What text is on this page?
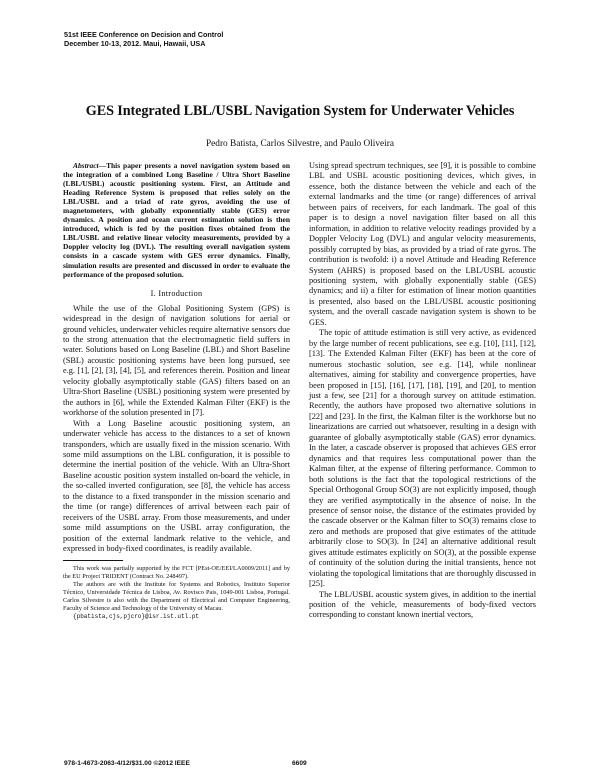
51st IEEE Conference on Decision and Control
December 10-13, 2012. Maui, Hawaii, USA
GES Integrated LBL/USBL Navigation System for Underwater Vehicles
Pedro Batista, Carlos Silvestre, and Paulo Oliveira

Abstract—This paper presents a novel navigation system based on the integration of a combined Long Baseline / Ultra Short Baseline (LBL/USBL) acoustic positioning system. First, an Attitude and Heading Reference System is proposed that relies solely on the LBL/USBL and a triad of rate gyros, avoiding the use of magnetometers, with globally exponentially stable (GES) error dynamics. A position and ocean current estimation solution is then introduced, which is fed by the position fixes obtained from the LBL/USBL and relative linear velocity measurements, provided by a Doppler velocity log (DVL). The resulting overall navigation system consists in a cascade system with GES error dynamics. Finally, simulation results are presented and discussed in order to evaluate the performance of the proposed solution.

I. Introduction

While the use of the Global Positioning System (GPS) is widespread in the design of navigation solutions for aerial or ground vehicles, underwater vehicles require alternative sensors due to the strong attenuation that the electromagnetic field suffers in water. Solutions based on Long Baseline (LBL) and Short Baseline (SBL) acoustic positioning systems have been long pursued, see e.g. [1], [2], [3], [4], [5], and references therein. Position and linear velocity globally asymptotically stable (GAS) filters based on an Ultra-Short Baseline (USBL) positioning system were presented by the authors in [6], while the Extended Kalman Filter (EKF) is the workhorse of the solution presented in [7].

With a Long Baseline acoustic positioning system, an underwater vehicle has access to the distances to a set of known transponders, which are usually fixed in the mission scenario. With some mild assumptions on the LBL configuration, it is possible to determine the inertial position of the vehicle. With an Ultra-Short Baseline acoustic position system installed on-board the vehicle, in the so-called inverted configuration, see [8], the vehicle has access to the distance to a fixed transponder in the mission scenario and the time (or range) differences of arrival between each pair of receivers of the USBL array. From those measurements, and under some mild assumptions on the USBL array configuration, the position of the external landmark relative to the vehicle, and expressed in body-fixed coordinates, is readily available.

This work was partially supported by the FCT [PEst-OE/EEI/LA0009/2011] and by the EU Project TRIDENT (Contract No. 248497).

The authors are with the Institute for Systems and Robotics, Instituto Superior Técnico, Universidade Técnica de Lisboa, Av. Rovisco Pais, 1049-001 Lisboa, Portugal. Carlos Silvestre is also with the Department of Electrical and Computer Engineering, Faculty of Science and Technology of the University of Macau.

{pbatista,cjs,pjcro}@isr.ist.utl.pt

Using spread spectrum techniques, see [9], it is possible to combine LBL and USBL acoustic positioning devices, which gives, in essence, both the distance between the vehicle and each of the external landmarks and the time (or range) differences of arrival between pairs of receivers, for each landmark. The goal of this paper is to design a novel navigation filter based on all this information, in addition to relative velocity readings provided by a Doppler Velocity Log (DVL) and angular velocity measurements, possibly corrupted by bias, as provided by a triad of rate gyros. The contribution is twofold: i) a novel Attitude and Heading Reference System (AHRS) is proposed based on the LBL/USBL acoustic positioning system, with globally exponentially stable (GES) dynamics; and ii) a filter for estimation of linear motion quantities is presented, also based on the LBL/USBL acoustic positioning system, and the overall cascade navigation system is shown to be GES.

The topic of attitude estimation is still very active, as evidenced by the large number of recent publications, see e.g. [10], [11], [12], [13]. The Extended Kalman Filter (EKF) has been at the core of numerous stochastic solution, see e.g. [14], while nonlinear alternatives, aiming for stability and convergence properties, have been proposed in [15], [16], [17], [18], [19], and [20], to mention just a few, see [21] for a thorough survey on attitude estimation. Recently, the authors have proposed two alternative solutions in [22] and [23]. In the first, the Kalman filter is the workhorse but no linearizations are carried out whatsoever, resulting in a design with guarantee of globally asymptotically stable (GAS) error dynamics. In the later, a cascade observer is proposed that achieves GES error dynamics and that requires less computational power than the Kalman filter, at the expense of filtering performance. Common to both solutions is the fact that the topological restrictions of the Special Orthogonal Group SO(3) are not explicitly imposed, though they are verified asymptotically in the absence of noise. In the presence of sensor noise, the distance of the estimates provided by the cascade observer or the Kalman filter to SO(3) remains close to zero and methods are proposed that give estimates of the attitude arbitrarily close to SO(3). In [24] an alternative additional result gives attitude estimates explicitly on SO(3), at the possible expense of continuity of the solution during the initial transients, hence not violating the topological limitations that are thoroughly discussed in [25].

The LBL/USBL acoustic system gives, in addition to the inertial position of the vehicle, measurements of body-fixed vectors corresponding to constant known inertial vectors,

978-1-4673-2063-4/12/$31.00 ©2012 IEEE	6609
